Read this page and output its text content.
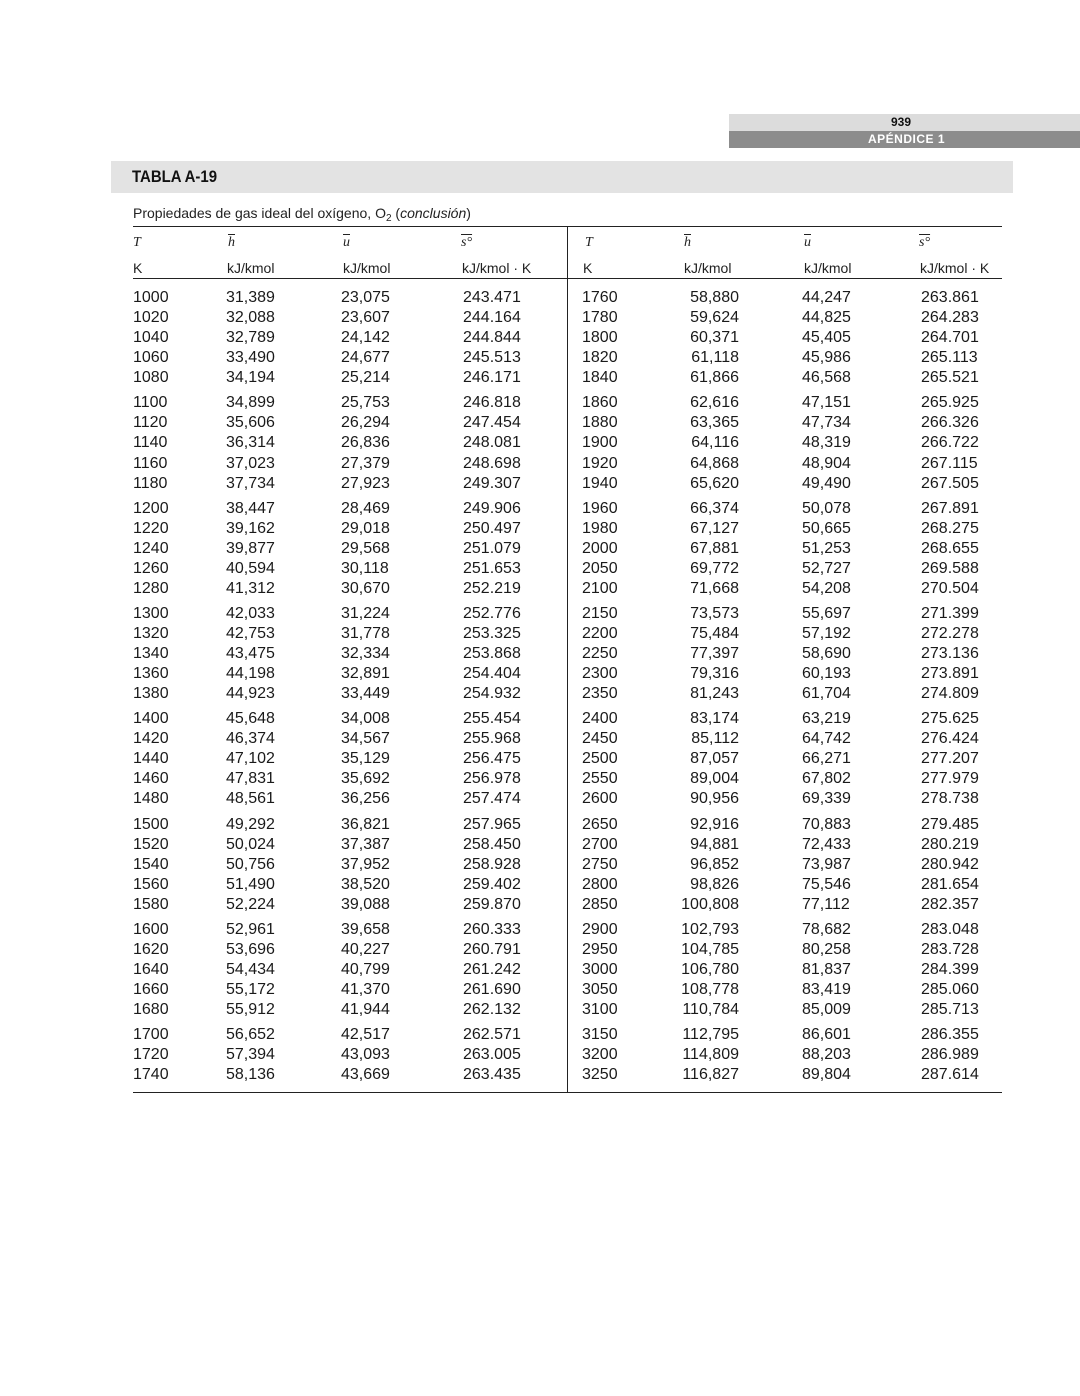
939
APÉNDICE 1
TABLA A-19
Propiedades de gas ideal del oxígeno, $O_2$ (conclusión)
T	$\overline{h}$	$\overline{u}$	s°	T	$\overline{h}$	$\overline{u}$	s°
K	kJ/kmol	kJ/kmol	kJ/kmol · K	K	kJ/kmol	kJ/kmol	kJ/kmol · K
1000	31,389	23,075	243.471	1760	58,880	44,247	263.861
1020	32,088	23,607	244.164	1780	59,624	44,825	264.283
1040	32,789	24,142	244.844	1800	60,371	45,405	264.701
1060	33,490	24,677	245.513	1820	61,118	45,986	265.113
1080	34,194	25,214	246.171	1840	61,866	46,568	265.521
1100	34,899	25,753	246.818	1860	62,616	47,151	265.925
1120	35,606	26,294	247.454	1880	63,365	47,734	266.326
1140	36,314	26,836	248.081	1900	64,116	48,319	266.722
1160	37,023	27,379	248.698	1920	64,868	48,904	267.115
1180	37,734	27,923	249.307	1940	65,620	49,490	267.505
1200	38,447	28,469	249.906	1960	66,374	50,078	267.891
1220	39,162	29,018	250.497	1980	67,127	50,665	268.275
1240	39,877	29,568	251.079	2000	67,881	51,253	268.655
1260	40,594	30,118	251.653	2050	69,772	52,727	269.588
1280	41,312	30,670	252.219	2100	71,668	54,208	270.504
1300	42,033	31,224	252.776	2150	73,573	55,697	271.399
1320	42,753	31,778	253.325	2200	75,484	57,192	272.278
1340	43,475	32,334	253.868	2250	77,397	58,690	273.136
1360	44,198	32,891	254.404	2300	79,316	60,193	273.891
1380	44,923	33,449	254.932	2350	81,243	61,704	274.809
1400	45,648	34,008	255.454	2400	83,174	63,219	275.625
1420	46,374	34,567	255.968	2450	85,112	64,742	276.424
1440	47,102	35,129	256.475	2500	87,057	66,271	277.207
1460	47,831	35,692	256.978	2550	89,004	67,802	277.979
1480	48,561	36,256	257.474	2600	90,956	69,339	278.738
1500	49,292	36,821	257.965	2650	92,916	70,883	279.485
1520	50,024	37,387	258.450	2700	94,881	72,433	280.219
1540	50,756	37,952	258.928	2750	96,852	73,987	280.942
1560	51,490	38,520	259.402	2800	98,826	75,546	281.654
1580	52,224	39,088	259.870	2850	100,808	77,112	282.357
1600	52,961	39,658	260.333	2900	102,793	78,682	283.048
1620	53,696	40,227	260.791	2950	104,785	80,258	283.728
1640	54,434	40,799	261.242	3000	106,780	81,837	284.399
1660	55,172	41,370	261.690	3050	108,778	83,419	285.060
1680	55,912	41,944	262.132	3100	110,784	85,009	285.713
1700	56,652	42,517	262.571	3150	112,795	86,601	286.355
1720	57,394	43,093	263.005	3200	114,809	88,203	286.989
1740	58,136	43,669	263.435	3250	116,827	89,804	287.614
